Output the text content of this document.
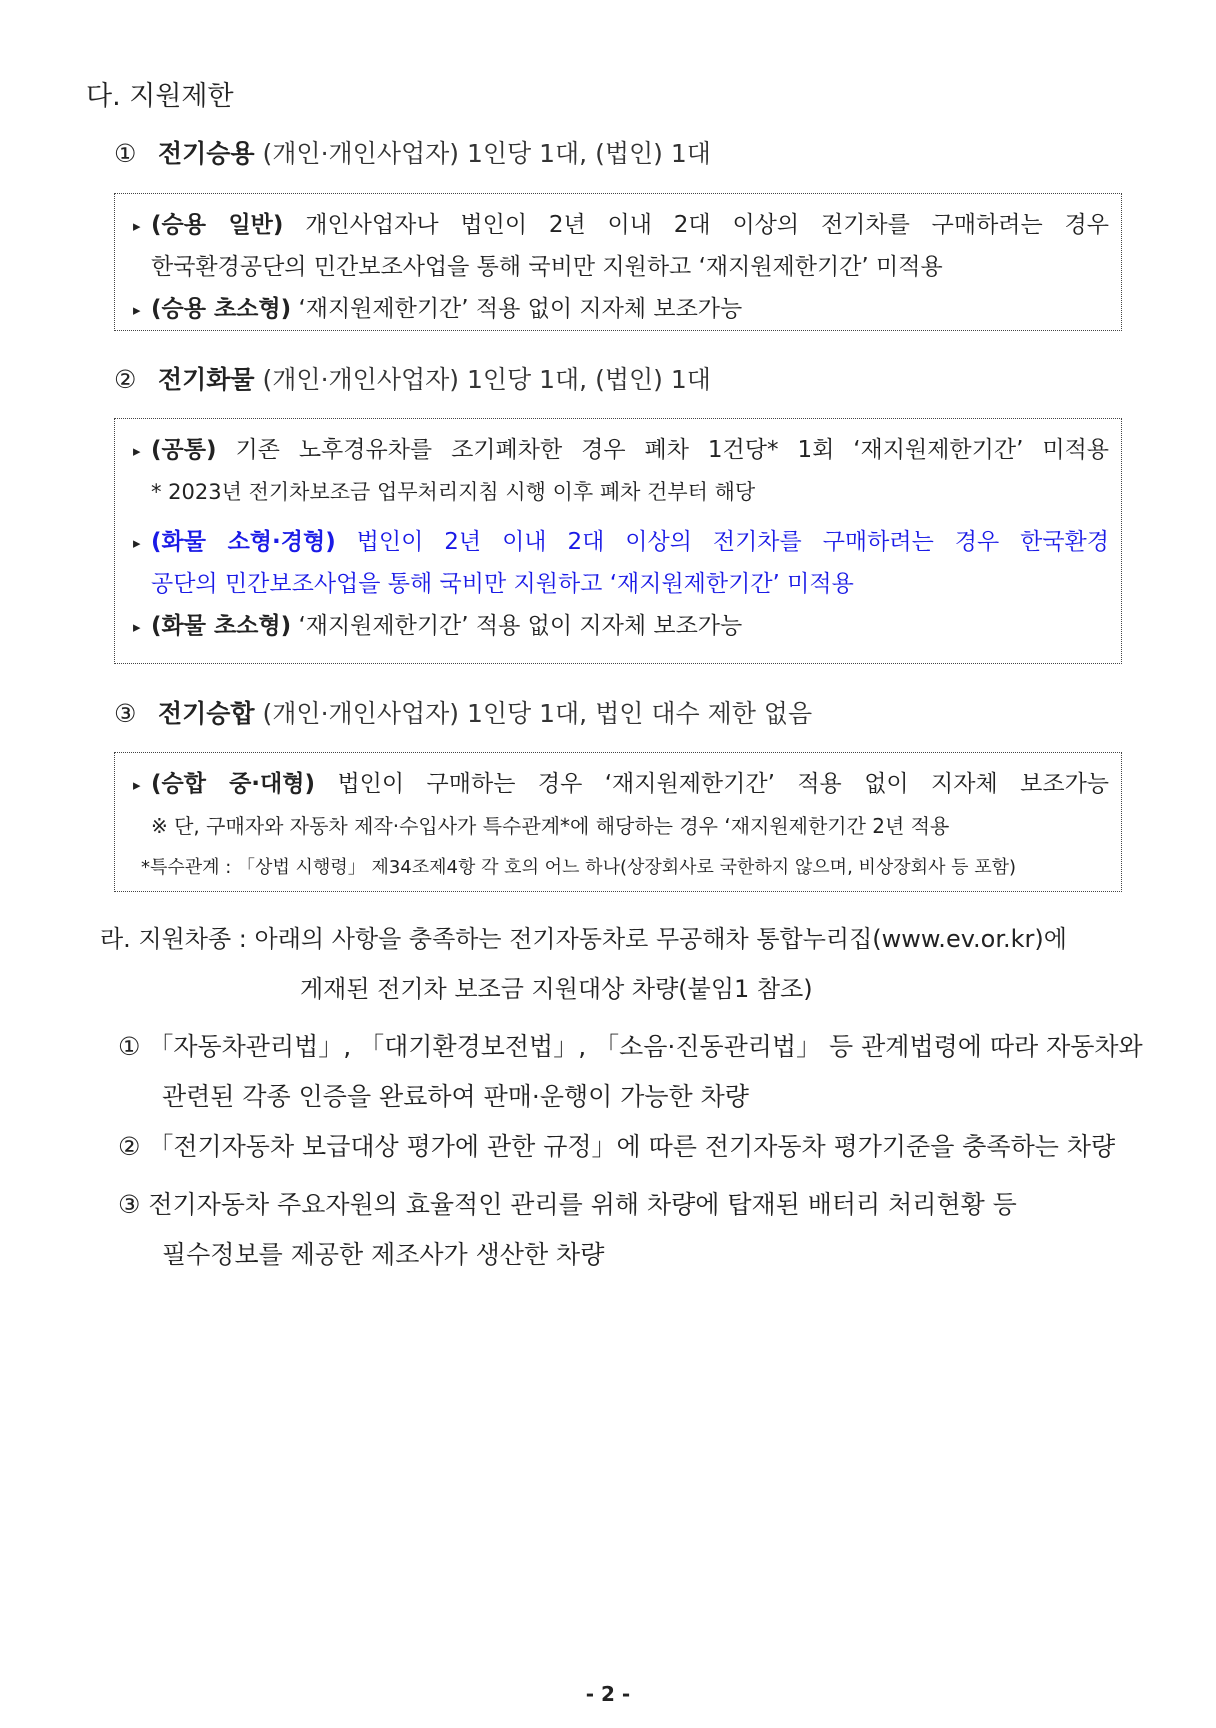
다. 지원제한
① 전기승용 (개인·개인사업자) 1인당 1대, (법인) 1대
▸ (승용 일반) 개인사업자나 법인이 2년 이내 2대 이상의 전기차를 구매하려는 경우
한국환경공단의 민간보조사업을 통해 국비만 지원하고 ‘재지원제한기간’ 미적용
▸ (승용 초소형) ‘재지원제한기간’ 적용 없이 지자체 보조가능
② 전기화물 (개인·개인사업자) 1인당 1대, (법인) 1대
▸ (공통) 기존 노후경유차를 조기폐차한 경우 폐차 1건당* 1회 ‘재지원제한기간’ 미적용
* 2023년 전기차보조금 업무처리지침 시행 이후 폐차 건부터 해당
▸ (화물 소형·경형) 법인이 2년 이내 2대 이상의 전기차를 구매하려는 경우 한국환경
공단의 민간보조사업을 통해 국비만 지원하고 ‘재지원제한기간’ 미적용
▸ (화물 초소형) ‘재지원제한기간’ 적용 없이 지자체 보조가능
③ 전기승합 (개인·개인사업자) 1인당 1대, 법인 대수 제한 없음
▸ (승합 중·대형) 법인이 구매하는 경우 ‘재지원제한기간’ 적용 없이 지자체 보조가능
※ 단, 구매자와 자동차 제작·수입사가 특수관계*에 해당하는 경우 ‘재지원제한기간 2년 적용
*특수관계 : 「상법 시행령」 제34조제4항 각 호의 어느 하나(상장회사로 국한하지 않으며, 비상장회사 등 포함)
라. 지원차종 : 아래의 사항을 충족하는 전기자동차로 무공해차 통합누리집(www.ev.or.kr)에
게재된 전기차 보조금 지원대상 차량(붙임1 참조)
① 「자동차관리법」, 「대기환경보전법」, 「소음·진동관리법」 등 관계법령에 따라 자동차와
관련된 각종 인증을 완료하여 판매·운행이 가능한 차량
② 「전기자동차 보급대상 평가에 관한 규정」에 따른 전기자동차 평가기준을 충족하는 차량
③ 전기자동차 주요자원의 효율적인 관리를 위해 차량에 탑재된 배터리 처리현황 등
필수정보를 제공한 제조사가 생산한 차량
- 2 -
